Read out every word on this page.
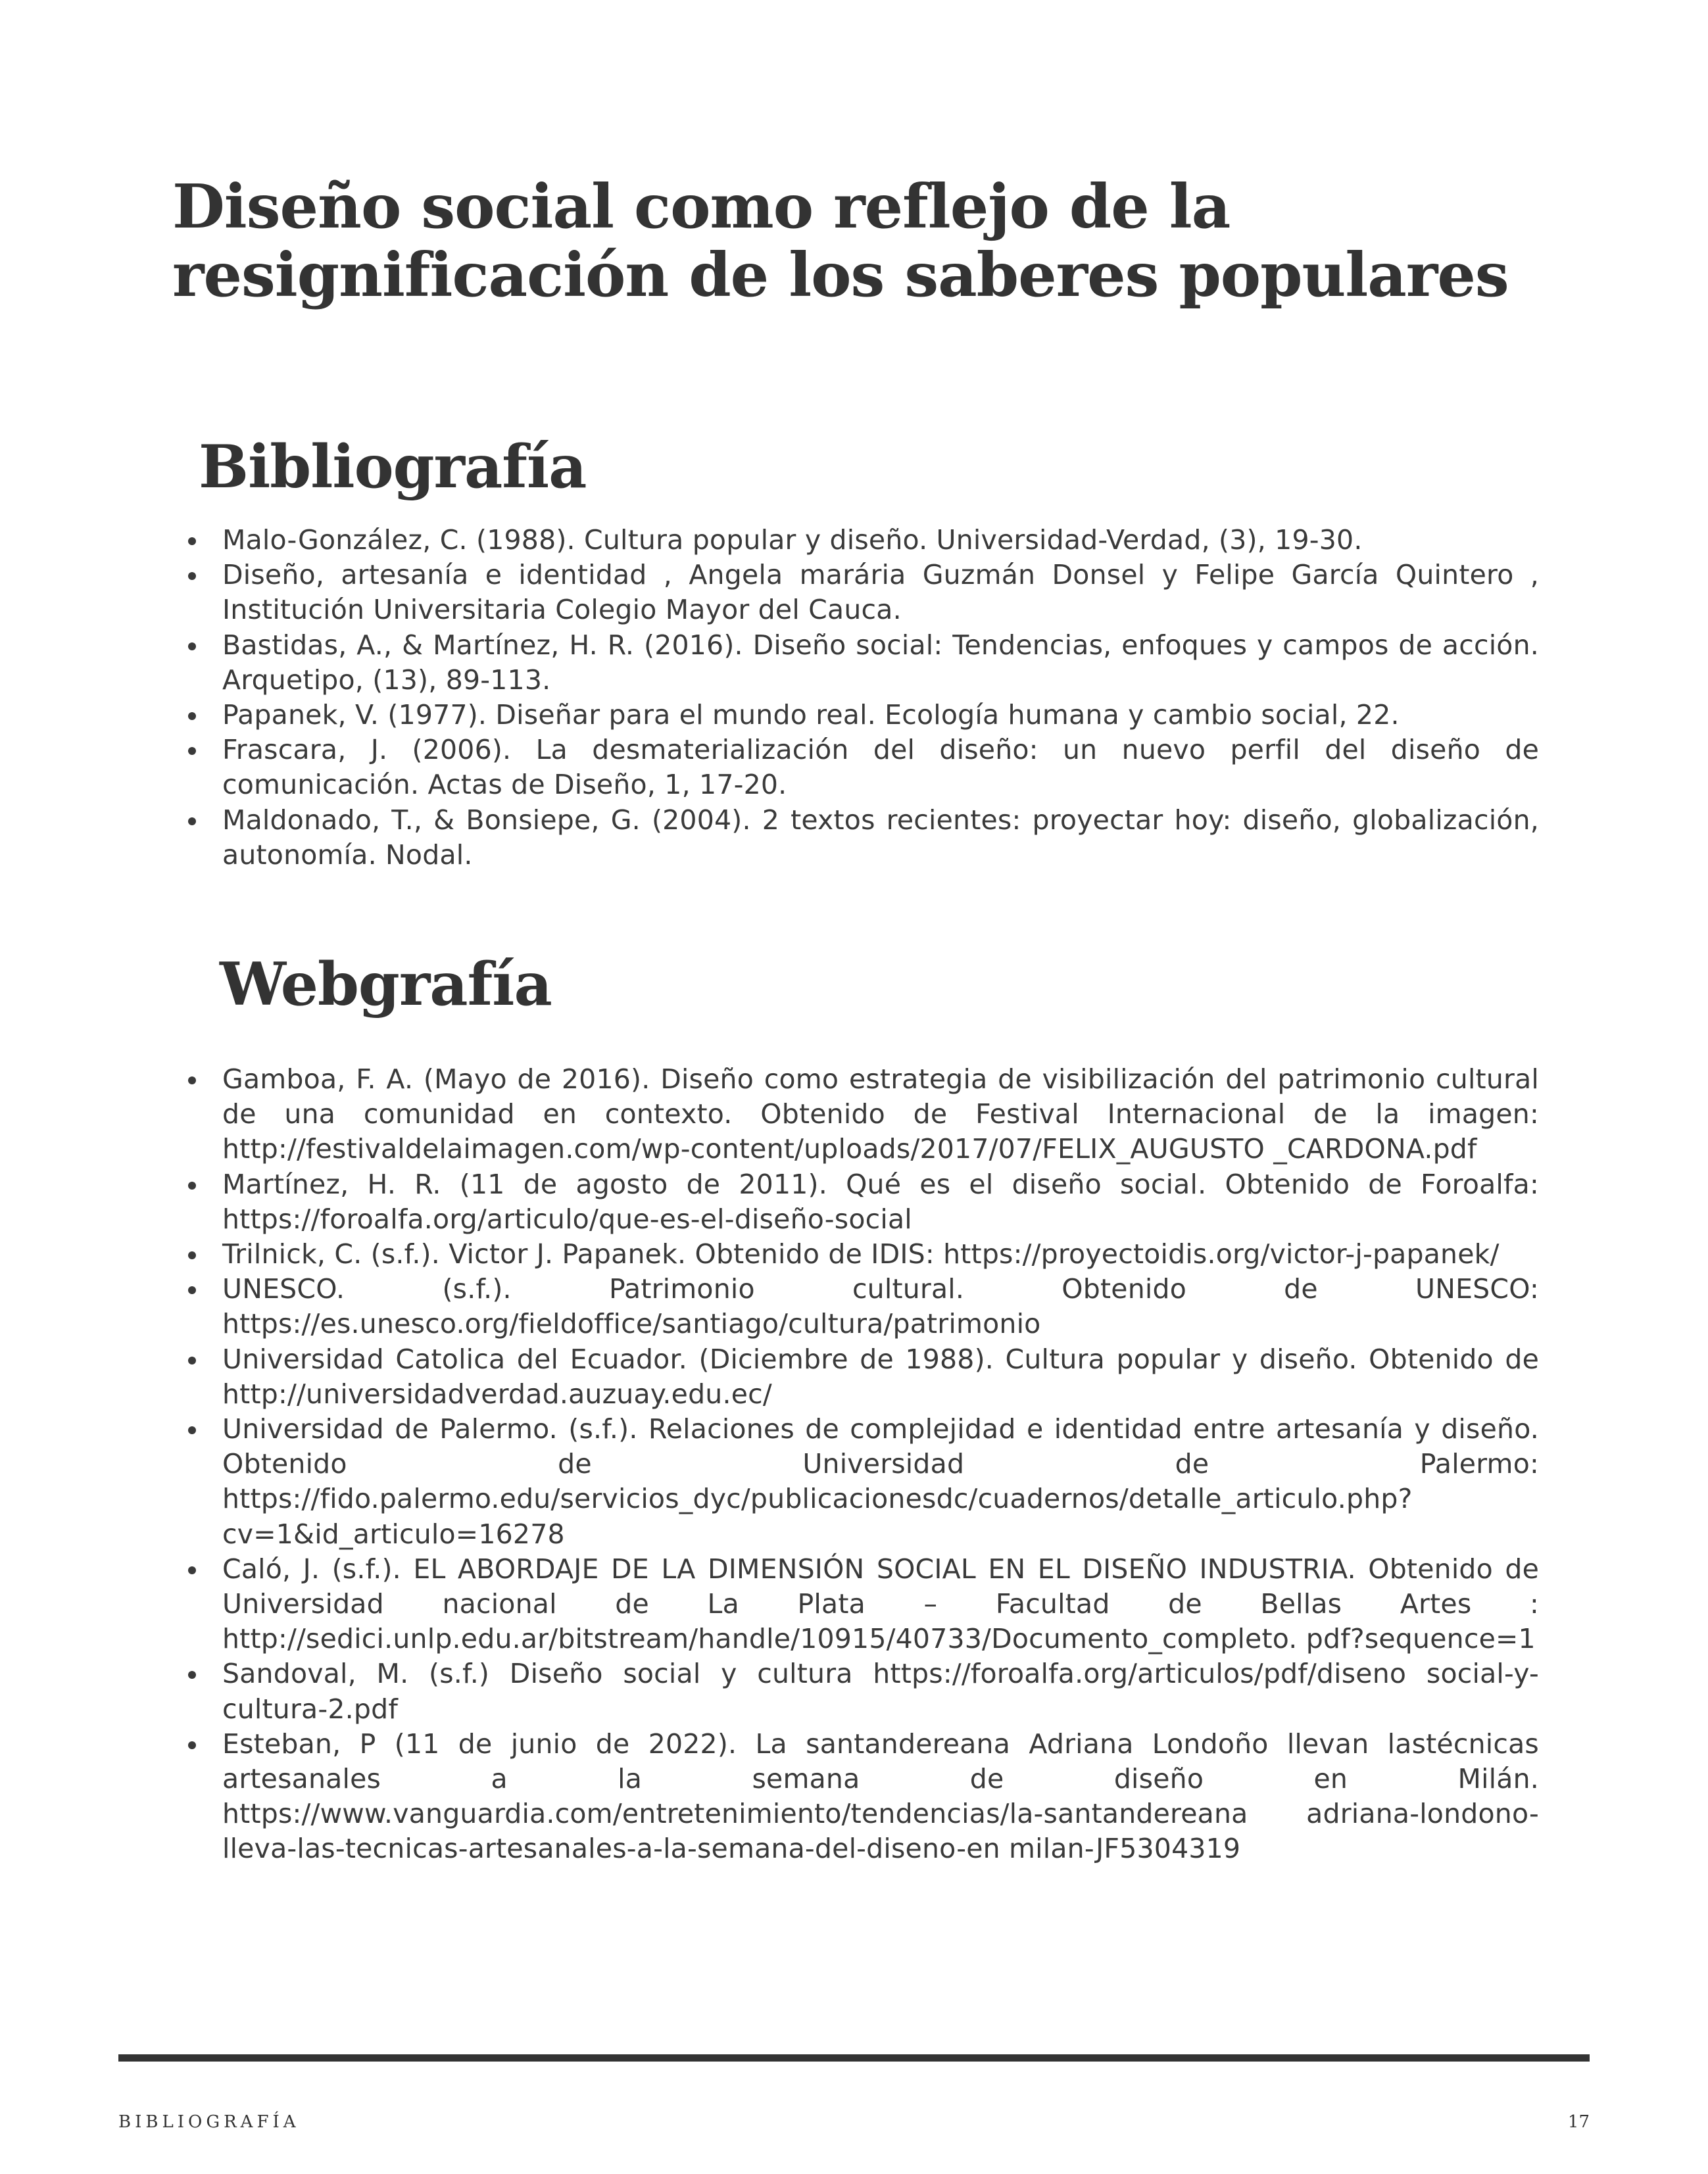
Diseño social como reflejo de la resignificación de los saberes populares
Bibliografía
Malo-González, C. (1988). Cultura popular y diseño. Universidad-Verdad, (3), 19-30.
Diseño, artesanía e identidad , Angela marária Guzmán Donsel y Felipe García Quintero , Institución Universitaria Colegio Mayor del Cauca.
Bastidas, A., & Martínez, H. R. (2016). Diseño social: Tendencias, enfoques y campos de acción. Arquetipo, (13), 89-113.
Papanek, V. (1977). Diseñar para el mundo real. Ecología humana y cambio social, 22.
Frascara, J. (2006). La desmaterialización del diseño: un nuevo perfil del diseño de comunicación. Actas de Diseño, 1, 17-20.
Maldonado, T., & Bonsiepe, G. (2004). 2 textos recientes: proyectar hoy: diseño, globalización, autonomía. Nodal.
Webgrafía
Gamboa, F. A. (Mayo de 2016). Diseño como estrategia de visibilización del patrimonio cultural de una comunidad en contexto. Obtenido de Festival Internacional de la imagen: http://festivaldelaimagen.com/wp-content/uploads/2017/07/FELIX_AUGUSTO _CARDONA.pdf
Martínez, H. R. (11 de agosto de 2011). Qué es el diseño social. Obtenido de Foroalfa: https://foroalfa.org/articulo/que-es-el-diseño-social
Trilnick, C. (s.f.). Victor J. Papanek. Obtenido de IDIS: https://proyectoidis.org/victor-j-papanek/
UNESCO. (s.f.). Patrimonio cultural. Obtenido de UNESCO: https://es.unesco.org/fieldoffice/santiago/cultura/patrimonio
Universidad Catolica del Ecuador. (Diciembre de 1988). Cultura popular y diseño. Obtenido de http://universidadverdad.auzuay.edu.ec/
Universidad de Palermo. (s.f.). Relaciones de complejidad e identidad entre artesanía y diseño. Obtenido de Universidad de Palermo: https://fido.palermo.edu/servicios_dyc/publicacionesdc/cuadernos/detalle_articulo.php?cv=1&id_articulo=16278
Caló, J. (s.f.). EL ABORDAJE DE LA DIMENSIÓN SOCIAL EN EL DISEÑO INDUSTRIA. Obtenido de Universidad nacional de La Plata – Facultad de Bellas Artes : http://sedici.unlp.edu.ar/bitstream/handle/10915/40733/Documento_completo. pdf?sequence=1
Sandoval, M. (s.f.) Diseño social y cultura https://foroalfa.org/articulos/pdf/diseno social-y-cultura-2.pdf
Esteban, P (11 de junio de 2022). La santandereana Adriana Londoño llevan lastécnicas artesanales a la semana de diseño en Milán. https://www.vanguardia.com/entretenimiento/tendencias/la-santandereana adriana-londono-lleva-las-tecnicas-artesanales-a-la-semana-del-diseno-en milan-JF5304319
BIBLIOGRAFÍA	17
